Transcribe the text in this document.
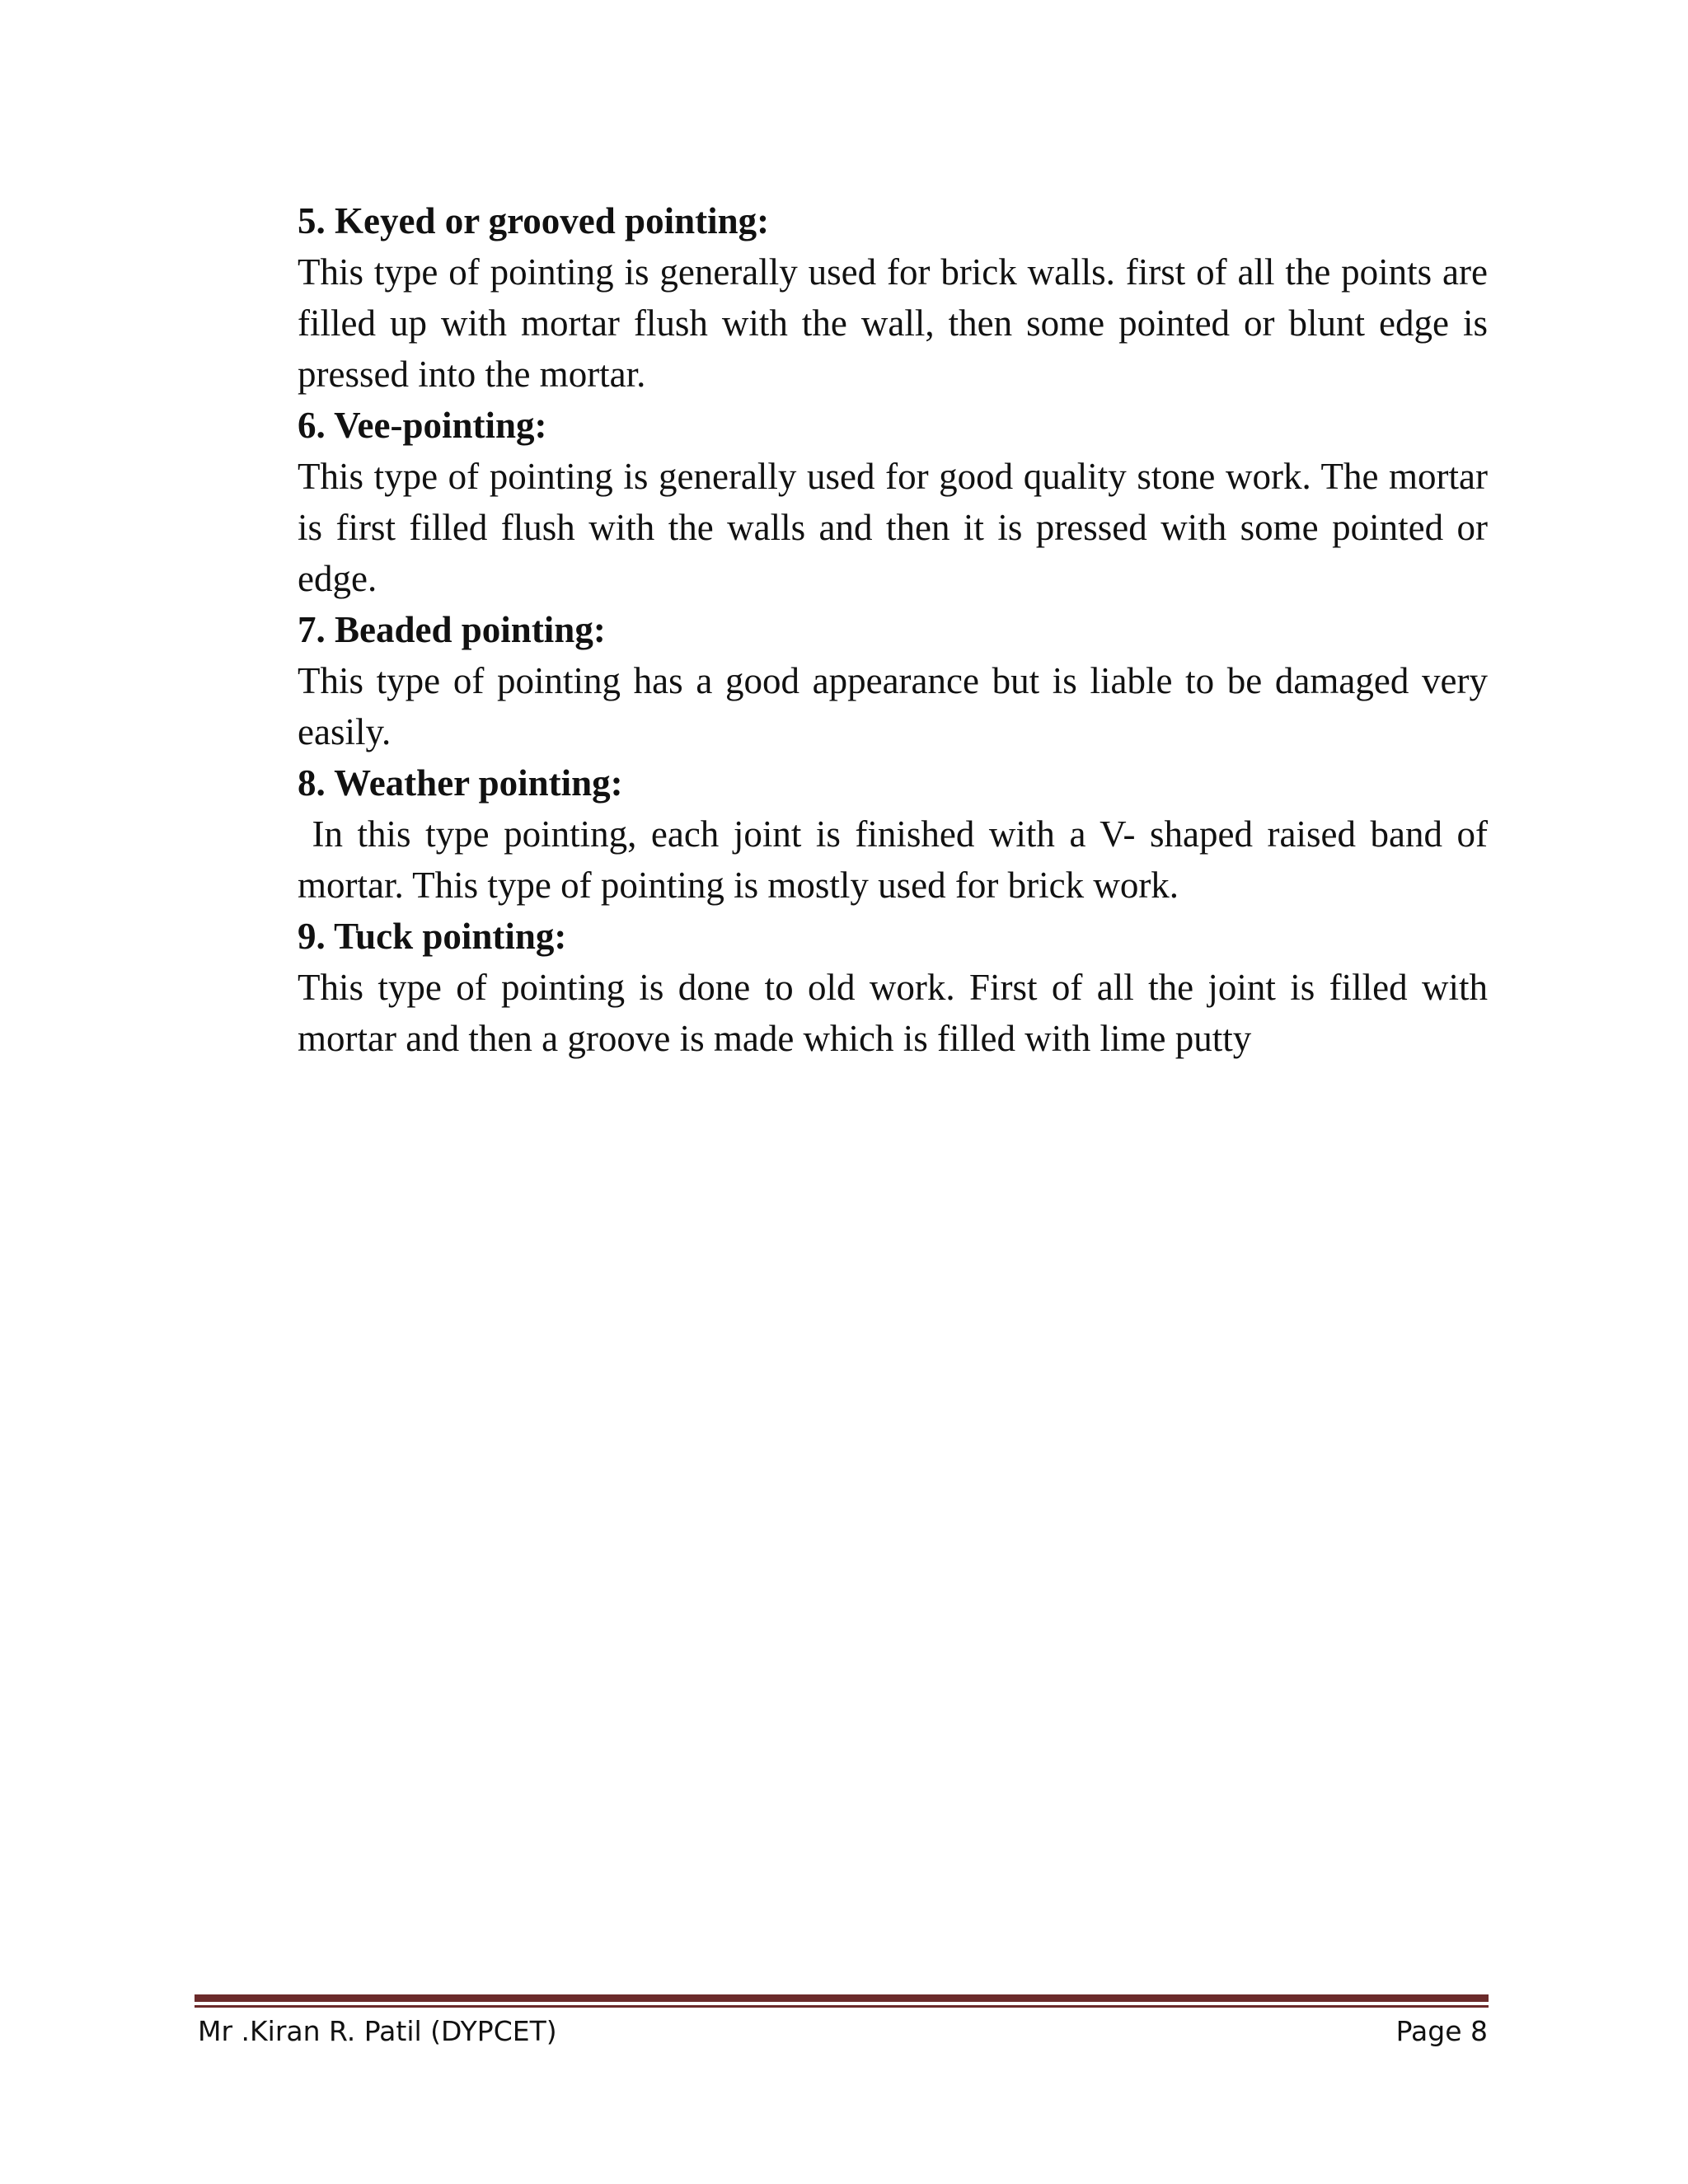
5. Keyed or grooved pointing:

This type of pointing is generally used for brick walls. first of all the points are filled up with mortar flush with the wall, then some pointed or blunt edge is pressed into the mortar.

6. Vee-pointing:

This type of pointing is generally used for good quality stone work. The mortar is first filled flush with the walls and then it is pressed with some pointed or edge.

7. Beaded pointing:

This type of pointing has a good appearance but is liable to be damaged very easily.

8. Weather pointing:

In this type pointing, each joint is finished with a V- shaped raised band of mortar. This type of pointing is mostly used for brick work.

9. Tuck pointing:

This type of pointing is done to old work. First of all the joint is filled with mortar and then a groove is made which is filled with lime putty

Mr .Kiran R. Patil (DYPCET)	Page 8
